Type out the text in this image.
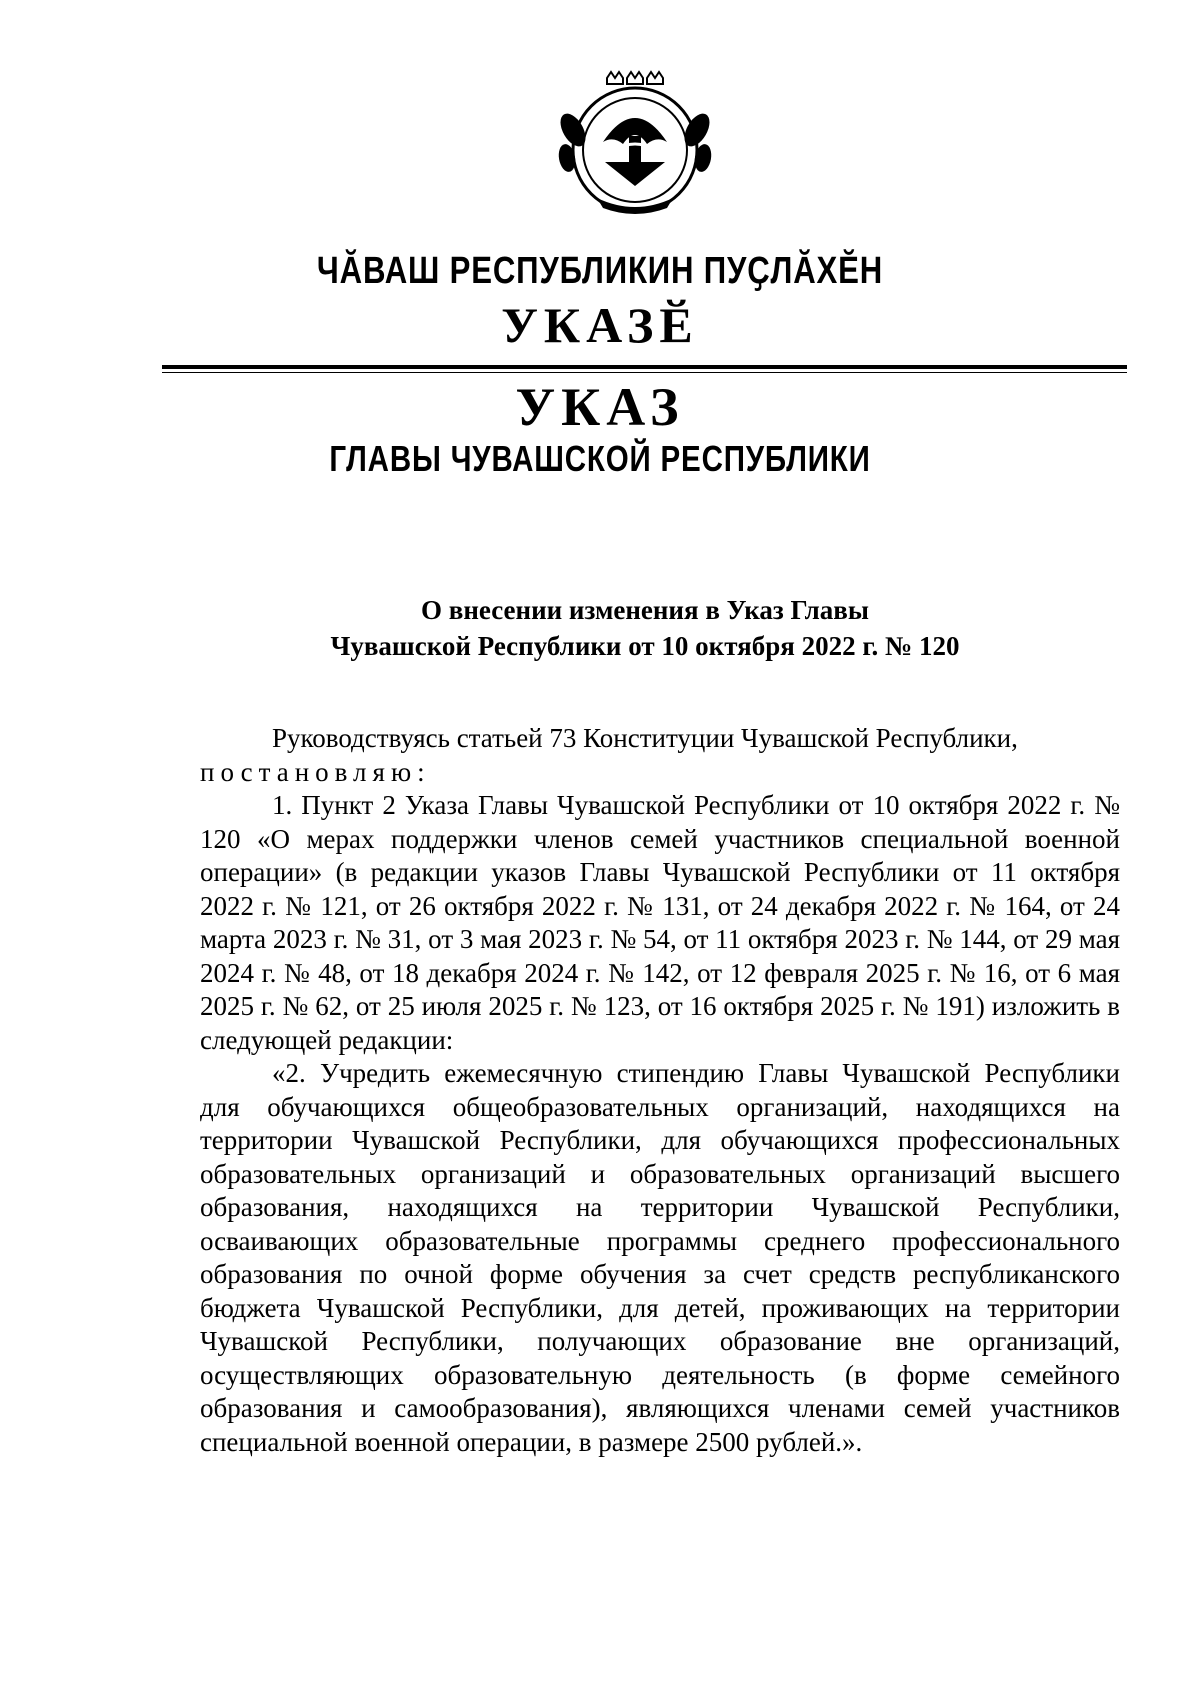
ЧӐВАШ РЕСПУБЛИКИН ПУҪЛӐХӖН
УКАЗӖ
УКАЗ
ГЛАВЫ ЧУВАШСКОЙ РЕСПУБЛИКИ
О внесении изменения в Указ Главы
Чувашской Республики от 10 октября 2022 г. № 120

Руководствуясь статьей 73 Конституции Чувашской Республики,

постановляю:

1. Пункт 2 Указа Главы Чувашской Республики от 10 октября 2022 г. № 120 «О мерах поддержки членов семей участников специальной военной операции» (в редакции указов Главы Чувашской Республики от 11 октября 2022 г. № 121, от 26 октября 2022 г. № 131, от 24 декабря 2022 г. № 164, от 24 марта 2023 г. № 31, от 3 мая 2023 г. № 54, от 11 октября 2023 г. № 144, от 29 мая 2024 г. № 48, от 18 декабря 2024 г. № 142, от 12 февраля 2025 г. № 16, от 6 мая 2025 г. № 62, от 25 июля 2025 г. № 123, от 16 октября 2025 г. № 191) изложить в следующей редакции:

«2. Учредить ежемесячную стипендию Главы Чувашской Республики для обучающихся общеобразовательных организаций, находящихся на территории Чувашской Республики, для обучающихся профессиональных образовательных организаций и образовательных организаций высшего образования, находящихся на территории Чувашской Республики, осваивающих образовательные программы среднего профессионального образования по очной форме обучения за счет средств республиканского бюджета Чувашской Республики, для детей, проживающих на территории Чувашской Республики, получающих образование вне организаций, осуществляющих образовательную деятельность (в форме семейного образования и самообразования), являющихся членами семей участников специальной военной операции, в размере 2500 рублей.».
